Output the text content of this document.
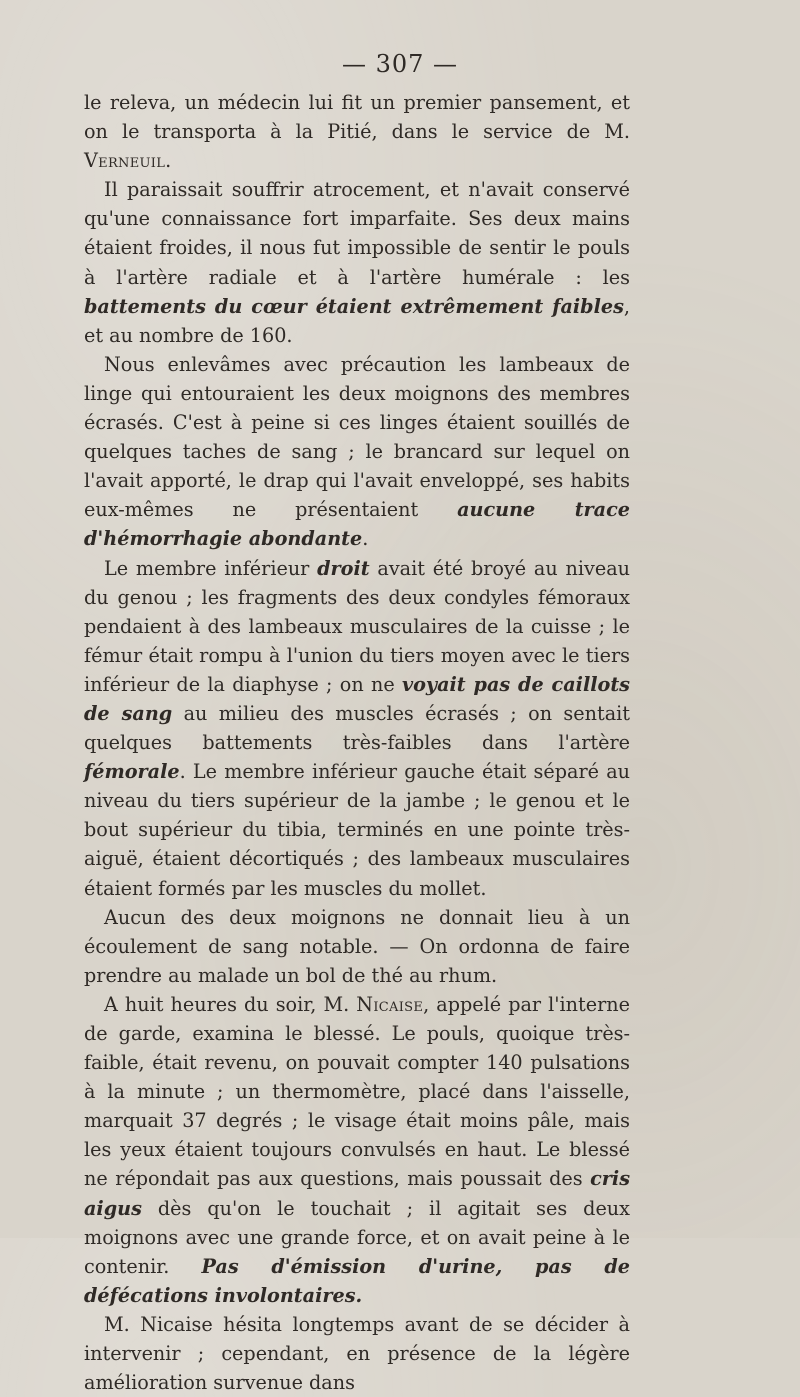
— 307 —

le releva, un médecin lui fit un premier pansement, et on le transporta à la Pitié, dans le service de M. Verneuil.

Il paraissait souffrir atrocement, et n'avait conservé qu'une connaissance fort imparfaite. Ses deux mains étaient froides, il nous fut impossible de sentir le pouls à l'artère radiale et à l'artère humérale : les battements du cœur étaient extrêmement faibles, et au nombre de 160.

Nous enlevâmes avec précaution les lambeaux de linge qui entouraient les deux moignons des membres écrasés. C'est à peine si ces linges étaient souillés de quelques taches de sang ; le brancard sur lequel on l'avait apporté, le drap qui l'avait enveloppé, ses habits eux-mêmes ne présentaient aucune trace d'hémorrhagie abondante.

Le membre inférieur droit avait été broyé au niveau du genou ; les fragments des deux condyles fémoraux pendaient à des lambeaux musculaires de la cuisse ; le fémur était rompu à l'union du tiers moyen avec le tiers inférieur de la diaphyse ; on ne voyait pas de caillots de sang au milieu des muscles écrasés ; on sentait quelques battements très-faibles dans l'artère fémorale. Le membre inférieur gauche était séparé au niveau du tiers supérieur de la jambe ; le genou et le bout supérieur du tibia, terminés en une pointe très-aiguë, étaient décortiqués ; des lambeaux musculaires étaient formés par les muscles du mollet.

Aucun des deux moignons ne donnait lieu à un écoulement de sang notable. — On ordonna de faire prendre au malade un bol de thé au rhum.

A huit heures du soir, M. Nicaise, appelé par l'interne de garde, examina le blessé. Le pouls, quoique très-faible, était revenu, on pouvait compter 140 pulsations à la minute ; un thermomètre, placé dans l'aisselle, marquait 37 degrés ; le visage était moins pâle, mais les yeux étaient toujours convulsés en haut. Le blessé ne répondait pas aux questions, mais poussait des cris aigus dès qu'on le touchait ; il agitait ses deux moignons avec une grande force, et on avait peine à le contenir. Pas d'émission d'urine, pas de défécations involontaires.

M. Nicaise hésita longtemps avant de se décider à intervenir ; cependant, en présence de la légère amélioration survenue dans
